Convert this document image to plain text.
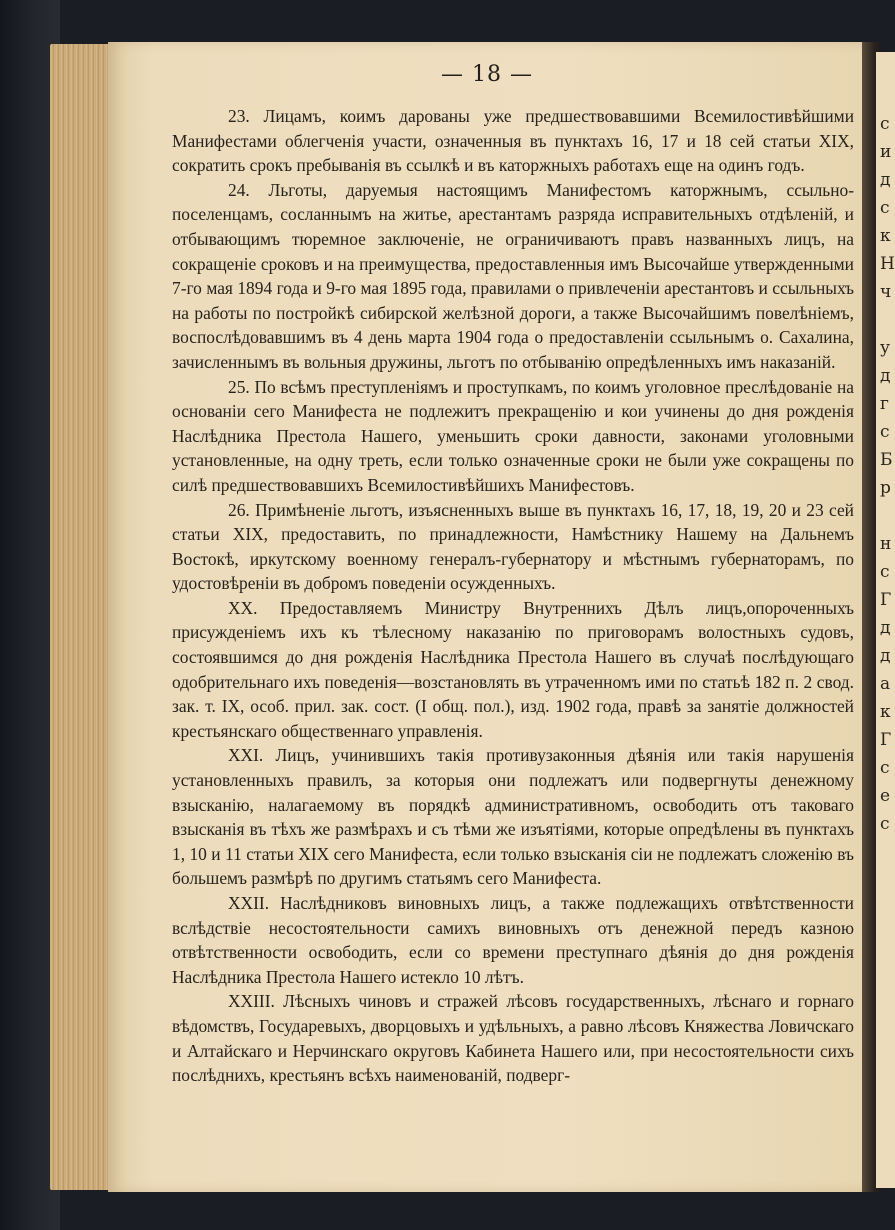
с
и
д
с
к
Н
ч
у
д
г
с
Б
р
н
с
Г
д
д
а
к
Г
с
е
с
— 18 —

23. Лицамъ, коимъ дарованы уже предшествовавшими Всемилостивѣйшими Манифестами облегченія участи, означенныя въ пунктахъ 16, 17 и 18 сей статьи XIX, сократить срокъ пребыванія въ ссылкѣ и въ каторжныхъ работахъ еще на одинъ годъ.

24. Льготы, даруемыя настоящимъ Манифестомъ каторжнымъ, ссыльно-поселенцамъ, сосланнымъ на житье, арестантамъ разряда исправительныхъ отдѣленій, и отбывающимъ тюремное заключеніе, не ограничиваютъ правъ названныхъ лицъ, на сокращеніе сроковъ и на преимущества, предоставленныя имъ Высочайше утвержденными 7-го мая 1894 года и 9-го мая 1895 года, правилами о привлеченіи арестантовъ и ссыльныхъ на работы по постройкѣ сибирской желѣзной дороги, а также Высочайшимъ повелѣніемъ, воспослѣдовавшимъ въ 4 день марта 1904 года о предоставленіи ссыльнымъ о. Сахалина, зачисленнымъ въ вольныя дружины, льготъ по отбыванію опредѣленныхъ имъ наказаній.

25. По всѣмъ преступленіямъ и проступкамъ, по коимъ уголовное преслѣдованіе на основаніи сего Манифеста не подлежитъ прекращенію и кои учинены до дня рожденія Наслѣдника Престола Нашего, уменьшить сроки давности, законами уголовными установленные, на одну треть, если только означенные сроки не были уже сокращены по силѣ предшествовавшихъ Всемилостивѣйшихъ Манифестовъ.

26. Примѣненіе льготъ, изъясненныхъ выше въ пунктахъ 16, 17, 18, 19, 20 и 23 сей статьи XIX, предоставить, по принадлежности, Намѣстнику Нашему на Дальнемъ Востокѣ, иркутскому военному генералъ-губернатору и мѣстнымъ губернаторамъ, по удостовѣреніи въ добромъ поведеніи осужденныхъ.

XX. Предоставляемъ Министру Внутреннихъ Дѣлъ лицъ,опороченныхъ присужденіемъ ихъ къ тѣлесному наказанію по приговорамъ волостныхъ судовъ, состоявшимся до дня рожденія Наслѣдника Престола Нашего въ случаѣ послѣдующаго одобрительнаго ихъ поведенія—возстановлять въ утраченномъ ими по статьѣ 182 п. 2 свод. зак. т. IX, особ. прил. зак. сост. (I общ. пол.), изд. 1902 года, правѣ за занятіе должностей крестьянскаго общественнаго управленія.

XXI. Лицъ, учинившихъ такія противузаконныя дѣянія или такія нарушенія установленныхъ правилъ, за которыя они подлежатъ или подвергнуты денежному взысканію, налагаемому въ порядкѣ административномъ, освободить отъ таковаго взысканія въ тѣхъ же размѣрахъ и съ тѣми же изъятіями, которые опредѣлены въ пунктахъ 1, 10 и 11 статьи XIX сего Манифеста, если только взысканія сіи не подлежатъ сложенію въ большемъ размѣрѣ по другимъ статьямъ сего Манифеста.

XXII. Наслѣдниковъ виновныхъ лицъ, а также подлежащихъ отвѣтственности вслѣдствіе несостоятельности самихъ виновныхъ отъ денежной передъ казною отвѣтственности освободить, если со времени преступнаго дѣянія до дня рожденія Наслѣдника Престола Нашего истекло 10 лѣтъ.

XXIII. Лѣсныхъ чиновъ и стражей лѣсовъ государственныхъ, лѣснаго и горнаго вѣдомствъ, Государевыхъ, дворцовыхъ и удѣльныхъ, а равно лѣсовъ Княжества Ловичскаго и Алтайскаго и Нерчинскаго округовъ Кабинета Нашего или, при несостоятельности сихъ послѣднихъ, крестьянъ всѣхъ наименованій, подверг-
